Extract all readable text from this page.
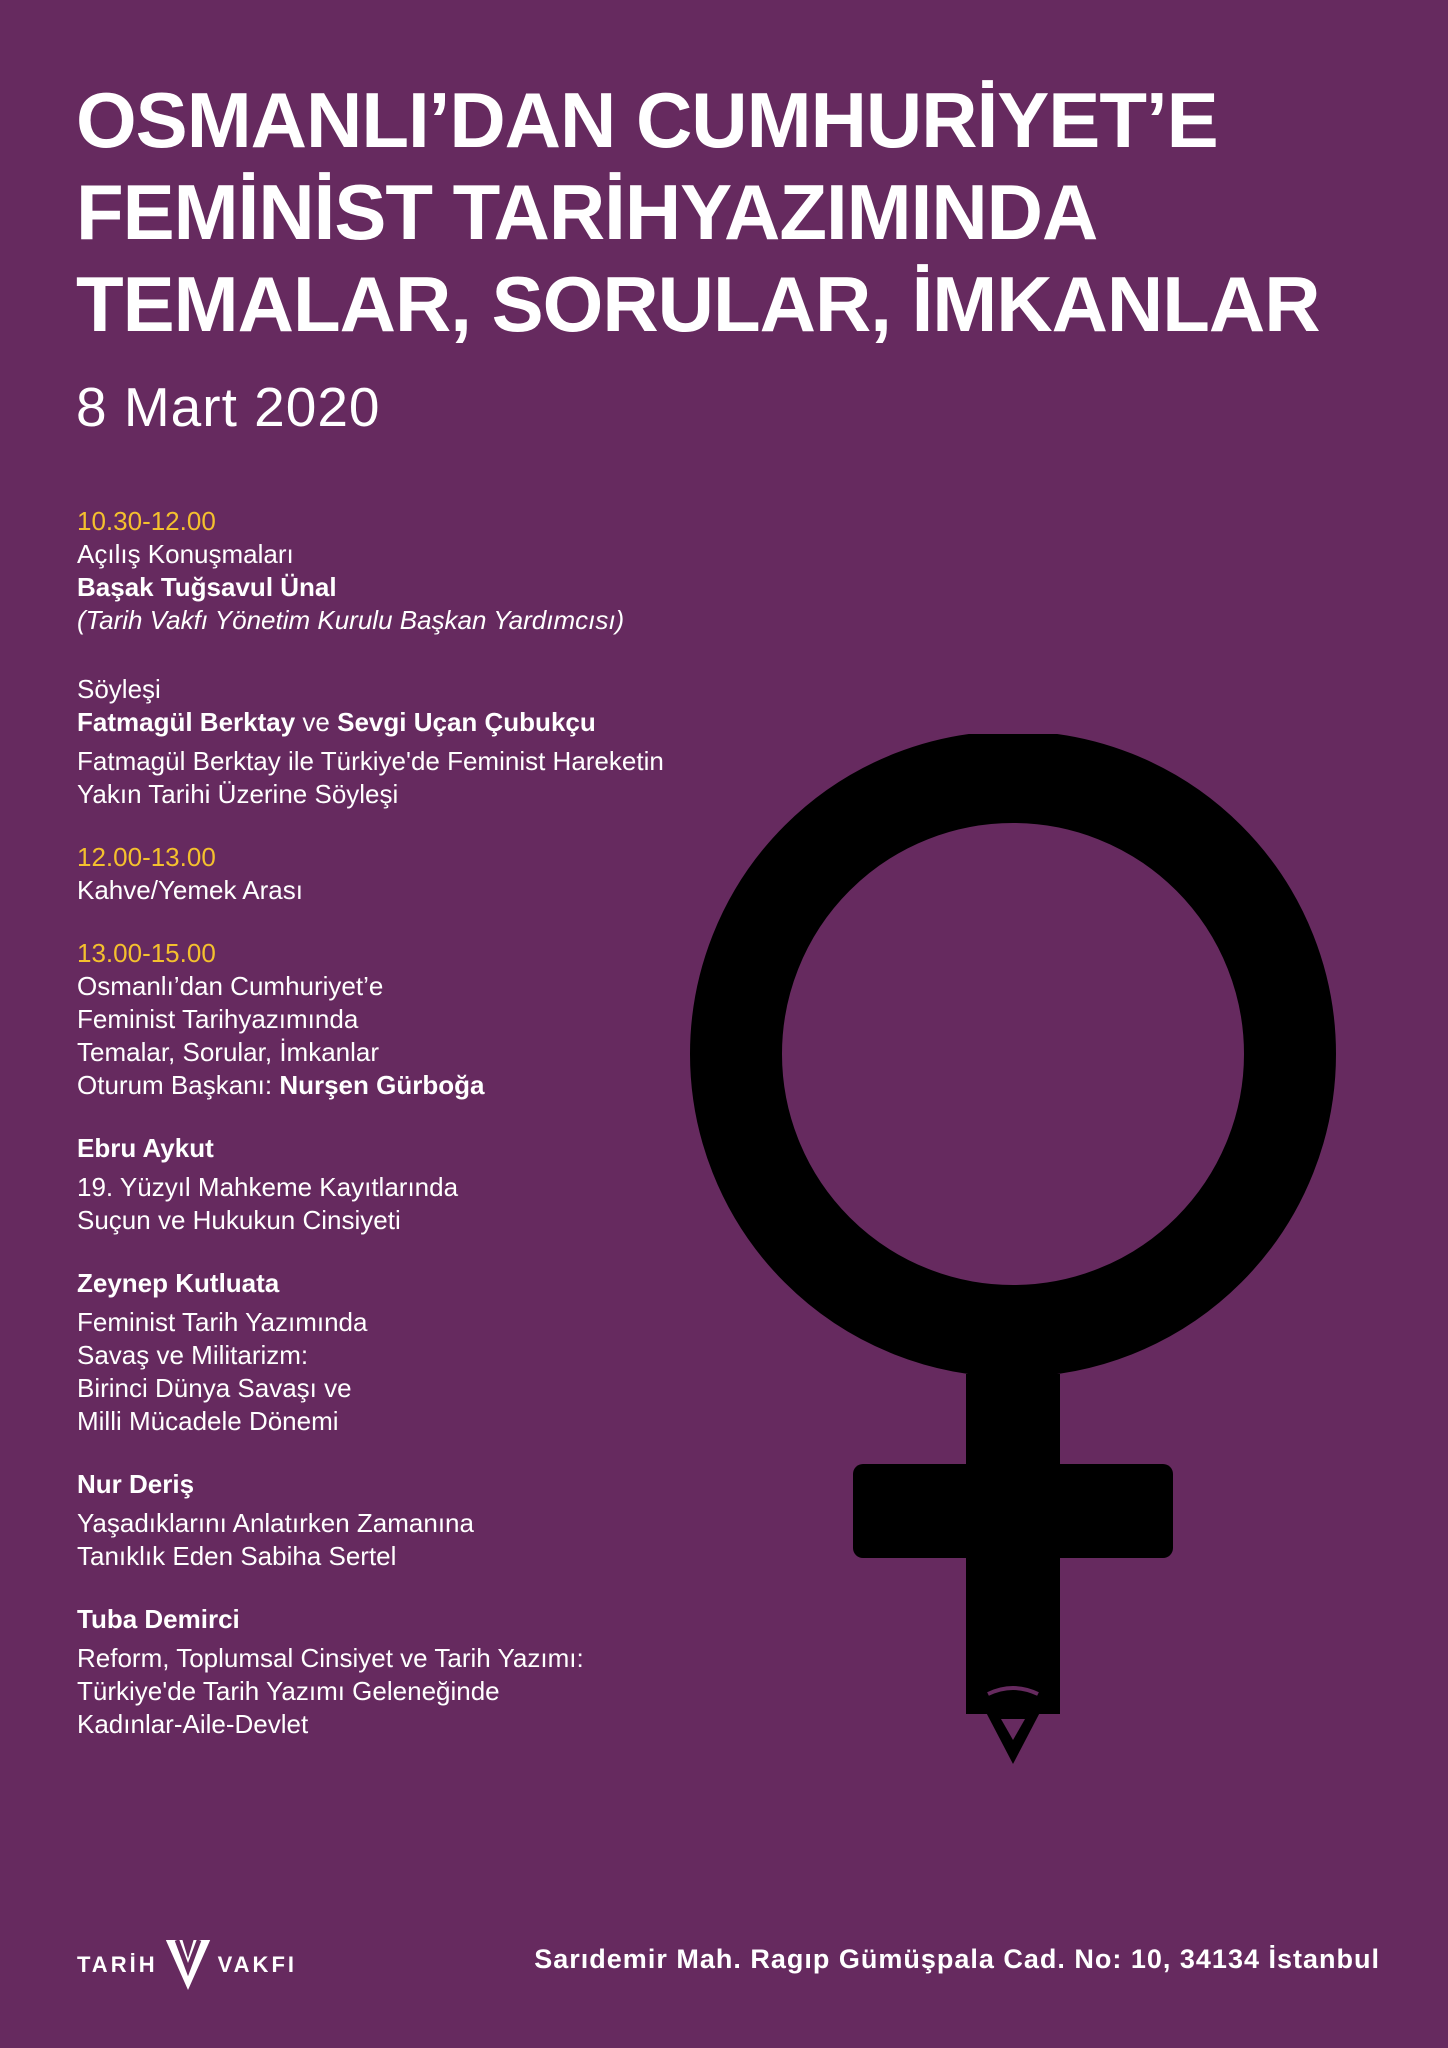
OSMANLI’DAN CUMHURİYET’E
FEMİNİST TARİHYAZIMINDA
TEMALAR, SORULAR, İMKANLAR
8 Mart 2020
10.30-12.00
Açılış Konuşmaları
Başak Tuğsavul Ünal
(Tarih Vakfı Yönetim Kurulu Başkan Yardımcısı)
Söyleşi
Fatmagül Berktay ve Sevgi Uçan Çubukçu
Fatmagül Berktay ile Türkiye'de Feminist Hareketin
Yakın Tarihi Üzerine Söyleşi
12.00-13.00
Kahve/Yemek Arası
13.00-15.00
Osmanlı’dan Cumhuriyet’e
Feminist Tarihyazımında
Temalar, Sorular, İmkanlar
Oturum Başkanı: Nurşen Gürboğa
Ebru Aykut
19. Yüzyıl Mahkeme Kayıtlarında
Suçun ve Hukukun Cinsiyeti
Zeynep Kutluata
Feminist Tarih Yazımında
Savaş ve Militarizm:
Birinci Dünya Savaşı ve
Milli Mücadele Dönemi
Nur Deriş
Yaşadıklarını Anlatırken Zamanına
Tanıklık Eden Sabiha Sertel
Tuba Demirci
Reform, Toplumsal Cinsiyet ve Tarih Yazımı:
Türkiye'de Tarih Yazımı Geleneğinde
Kadınlar-Aile-Devlet
TARİH	VAKFI	Sarıdemir Mah. Ragıp Gümüşpala Cad. No: 10, 34134 İstanbul
